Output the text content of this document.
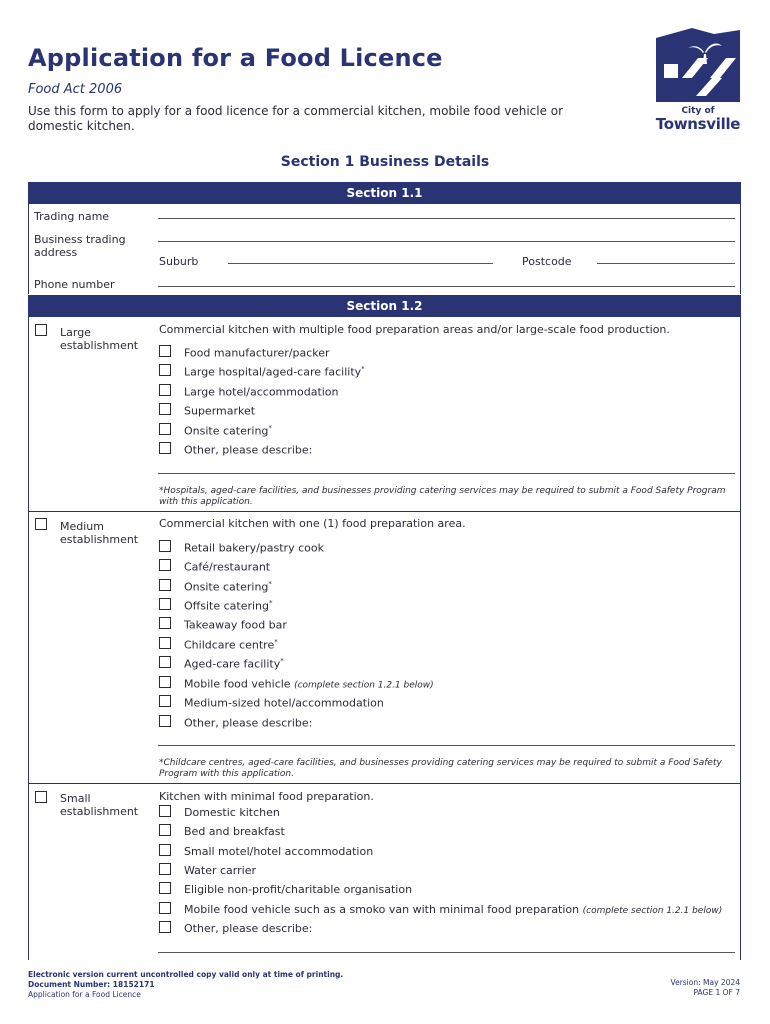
Application for a Food Licence
Food Act 2006
Use this form to apply for a food licence for a commercial kitchen, mobile food vehicle or domestic kitchen.
City of
Townsville
Section 1 Business Details
Section 1.1
Trading name
Business trading address
Suburb	Postcode
Phone number
Section 1.2
Large establishment
Commercial kitchen with multiple food preparation areas and/or large-scale food production.
Food manufacturer/packer
Large hospital/aged-care facility*
Large hotel/accommodation
Supermarket
Onsite catering*
Other, please describe:
*Hospitals, aged-care facilities, and businesses providing catering services may be required to submit a Food Safety Program with this application.
Medium establishment
Commercial kitchen with one (1) food preparation area.
Retail bakery/pastry cook
Café/restaurant
Onsite catering*
Offsite catering*
Takeaway food bar
Childcare centre*
Aged-care facility*
Mobile food vehicle (complete section 1.2.1 below)
Medium-sized hotel/accommodation
Other, please describe:
*Childcare centres, aged-care facilities, and businesses providing catering services may be required to submit a Food Safety Program with this application.
Small establishment
Kitchen with minimal food preparation.
Domestic kitchen
Bed and breakfast
Small motel/hotel accommodation
Water carrier
Eligible non-profit/charitable organisation
Mobile food vehicle such as a smoko van with minimal food preparation (complete section 1.2.1 below)
Other, please describe:
Electronic version current uncontrolled copy valid only at time of printing.
Document Number: 18152171
Application for a Food Licence
Version: May 2024
PAGE 1 OF 7
